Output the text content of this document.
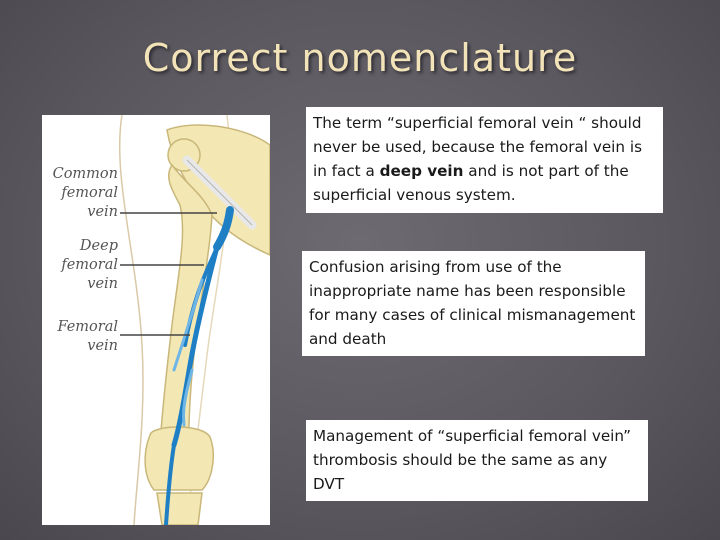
Correct nomenclature
Common
femoral
vein
Deep
femoral
vein
Femoral
vein
The term “superficial femoral vein “ should never be used, because the femoral vein is in fact a deep vein and is not part of the superficial venous system.
Confusion arising from use of the inappropriate name has been responsible for many cases of clinical mismanagement and death
Management of “superficial femoral vein” thrombosis should be the same as any DVT
